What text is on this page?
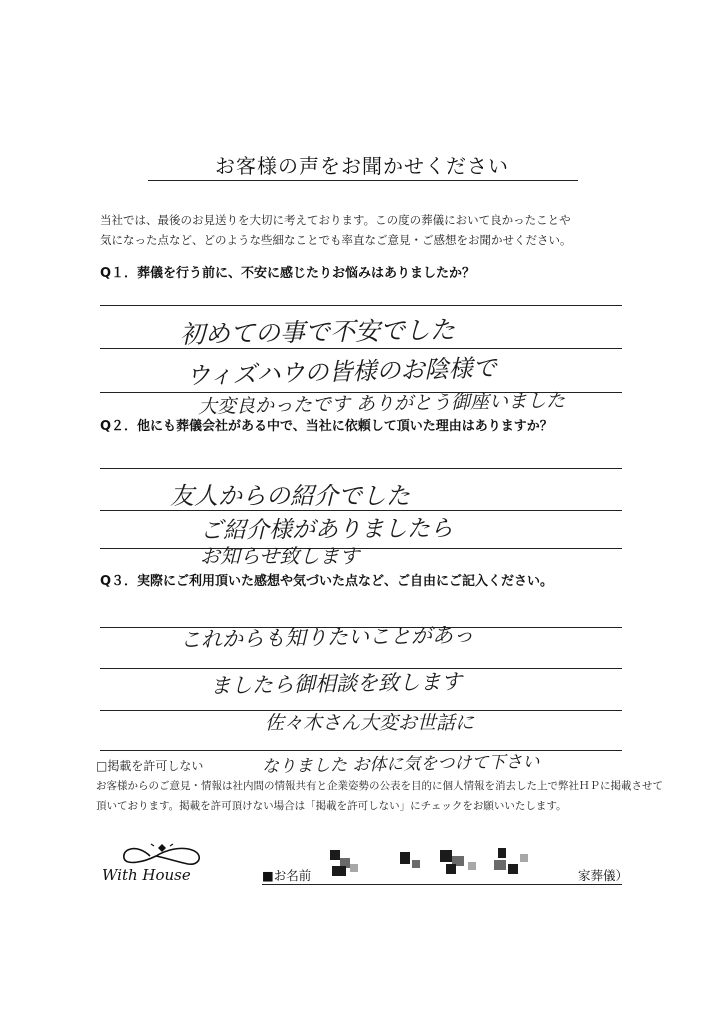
お客様の声をお聞かせください
当社では、最後のお見送りを大切に考えております。この度の葬儀において良かったことや
気になった点など、どのような些細なことでも率直なご意見・ご感想をお聞かせください。
Q１．葬儀を行う前に、不安に感じたりお悩みはありましたか？
初めての事で不安でした
ウィズハウの皆様のお陰様で
大変良かったです ありがとう御座いました
Q２．他にも葬儀会社がある中で、当社に依頼して頂いた理由はありますか？
友人からの紹介でした
ご紹介様がありましたら
お知らせ致します
Q３．実際にご利用頂いた感想や気づいた点など、ご自由にご記入ください。
これからも知りたいことがあっ
ましたら御相談を致します
佐々木さん大変お世話に
なりました お体に気をつけて下さい
□掲載を許可しない
お客様からのご意見・情報は社内間の情報共有と企業姿勢の公表を目的に個人情報を消去した上で弊社ＨＰに掲載させて
頂いております。掲載を許可頂けない場合は「掲載を許可しない」にチェックをお願いいたします。
With House	■お名前	家葬儀）
